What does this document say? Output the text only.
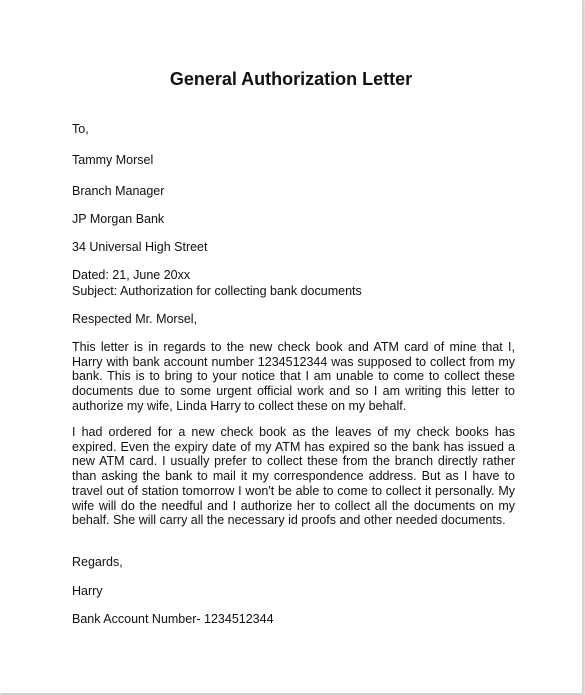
General Authorization Letter
To,
Tammy Morsel
Branch Manager
JP Morgan Bank
34 Universal High Street
Dated: 21, June 20xx
Subject: Authorization for collecting bank documents
Respected Mr. Morsel,
This letter is in regards to the new check book and ATM card of mine that I, Harry with bank account number 1234512344 was supposed to collect from my bank. This is to bring to your notice that I am unable to come to collect these documents due to some urgent official work and so I am writing this letter to authorize my wife, Linda Harry to collect these on my behalf.
I had ordered for a new check book as the leaves of my check books has expired. Even the expiry date of my ATM has expired so the bank has issued a new ATM card. I usually prefer to collect these from the branch directly rather than asking the bank to mail it my correspondence address. But as I have to travel out of station tomorrow I won't be able to come to collect it personally. My wife will do the needful and I authorize her to collect all the documents on my behalf. She will carry all the necessary id proofs and other needed documents.
Regards,
Harry
Bank Account Number- 1234512344
